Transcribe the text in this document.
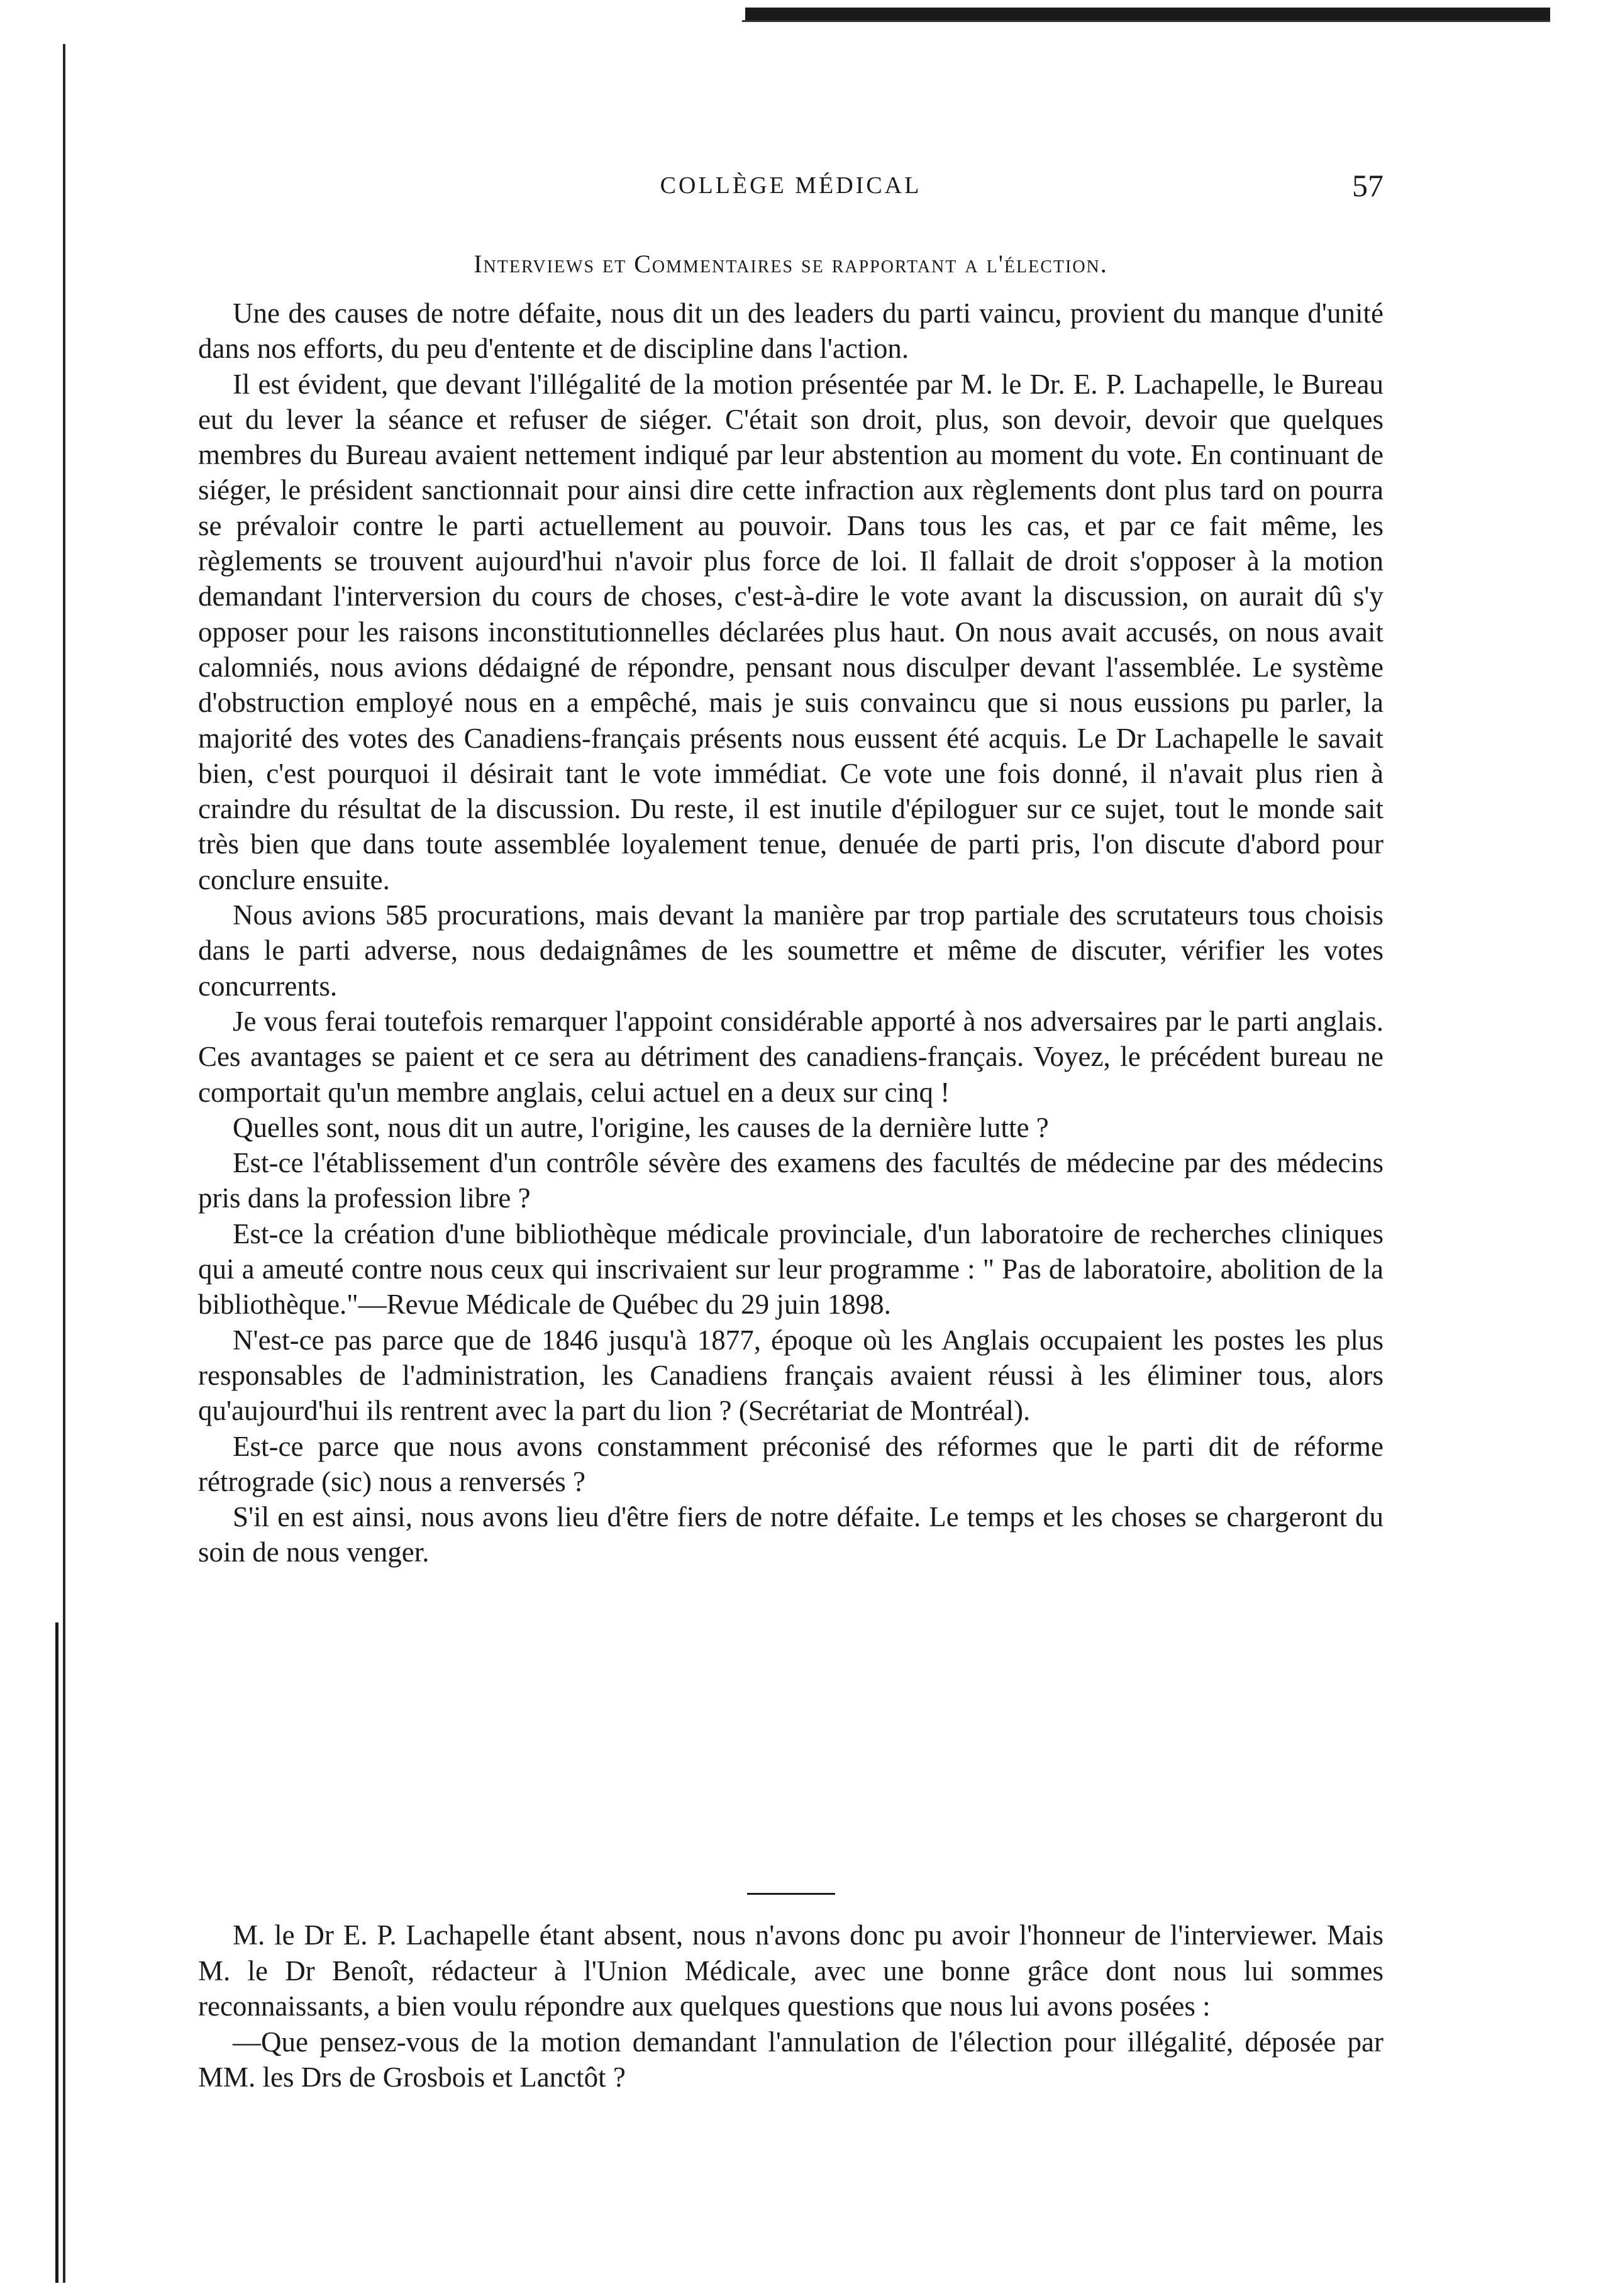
COLLÈGE MÉDICAL	57
Interviews et Commentaires se rapportant a l'élection.

Une des causes de notre défaite, nous dit un des leaders du parti vaincu, provient du manque d'unité dans nos efforts, du peu d'entente et de discipline dans l'action.

Il est évident, que devant l'illégalité de la motion présentée par M. le Dr. E. P. Lachapelle, le Bureau eut du lever la séance et refuser de siéger. C'était son droit, plus, son devoir, devoir que quelques membres du Bureau avaient nettement indiqué par leur abstention au moment du vote. En continuant de siéger, le président sanctionnait pour ainsi dire cette infraction aux règlements dont plus tard on pourra se prévaloir contre le parti actuellement au pouvoir. Dans tous les cas, et par ce fait même, les règlements se trouvent aujourd'hui n'avoir plus force de loi. Il fallait de droit s'opposer à la motion demandant l'interversion du cours de choses, c'est-à-dire le vote avant la discussion, on aurait dû s'y opposer pour les raisons inconstitutionnelles déclarées plus haut. On nous avait accusés, on nous avait calomniés, nous avions dédaigné de répondre, pensant nous disculper devant l'assemblée. Le système d'obstruction employé nous en a empêché, mais je suis convaincu que si nous eussions pu parler, la majorité des votes des Canadiens-français présents nous eussent été acquis. Le Dr Lachapelle le savait bien, c'est pourquoi il désirait tant le vote immédiat. Ce vote une fois donné, il n'avait plus rien à craindre du résultat de la discussion. Du reste, il est inutile d'épiloguer sur ce sujet, tout le monde sait très bien que dans toute assemblée loyalement tenue, denuée de parti pris, l'on discute d'abord pour conclure ensuite.

Nous avions 585 procurations, mais devant la manière par trop partiale des scrutateurs tous choisis dans le parti adverse, nous dedaignâmes de les soumettre et même de discuter, vérifier les votes concurrents.

Je vous ferai toutefois remarquer l'appoint considérable apporté à nos adversaires par le parti anglais. Ces avantages se paient et ce sera au détriment des canadiens-français. Voyez, le précédent bureau ne comportait qu'un membre anglais, celui actuel en a deux sur cinq !

Quelles sont, nous dit un autre, l'origine, les causes de la dernière lutte ?

Est-ce l'établissement d'un contrôle sévère des examens des facultés de médecine par des médecins pris dans la profession libre ?

Est-ce la création d'une bibliothèque médicale provinciale, d'un laboratoire de recherches cliniques qui a ameuté contre nous ceux qui inscrivaient sur leur programme : " Pas de laboratoire, abolition de la bibliothèque."—Revue Médicale de Québec du 29 juin 1898.

N'est-ce pas parce que de 1846 jusqu'à 1877, époque où les Anglais occupaient les postes les plus responsables de l'administration, les Canadiens français avaient réussi à les éliminer tous, alors qu'aujourd'hui ils rentrent avec la part du lion ? (Secrétariat de Montréal).

Est-ce parce que nous avons constamment préconisé des réformes que le parti dit de réforme rétrograde (sic) nous a renversés ?

S'il en est ainsi, nous avons lieu d'être fiers de notre défaite. Le temps et les choses se chargeront du soin de nous venger.

M. le Dr E. P. Lachapelle étant absent, nous n'avons donc pu avoir l'honneur de l'interviewer. Mais M. le Dr Benoît, rédacteur à l'Union Médicale, avec une bonne grâce dont nous lui sommes reconnaissants, a bien voulu répondre aux quelques questions que nous lui avons posées :

—Que pensez-vous de la motion demandant l'annulation de l'élection pour illégalité, déposée par MM. les Drs de Grosbois et Lanctôt ?
